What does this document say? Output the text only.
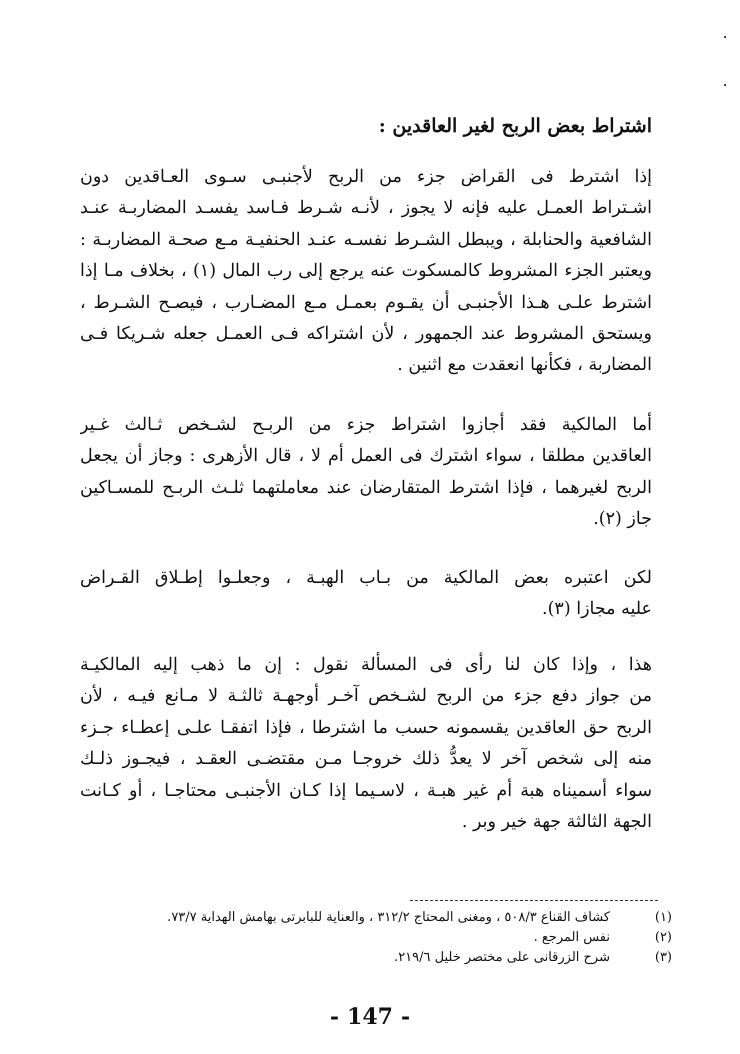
اشتراط بعض الربح لغير العاقدين :
إذا اشترط فى القراض جزء من الربح لأجنبـى سـوى العـاقدين دون
اشـتراط العمـل عليه فإنه لا يجوز ، لأنـه شـرط فـاسد يفسـد المضاربـة عنـد
الشافعية والحنابلة ، ويبطل الشـرط نفسـه عنـد الحنفيـة مـع صحـة المضاربـة :
ويعتبر الجزء المشروط كالمسكوت عنه يرجع إلى رب المال (١) ، بخلاف مـا إذا
اشترط علـى هـذا الأجنبـى أن يقـوم بعمـل مـع المضـارب ، فيصـح الشـرط ،
ويستحق المشروط عند الجمهور ، لأن اشتراكه فـى العمـل جعله شـريكا فـى
المضاربة ، فكأنها انعقدت مع اثنين .
أما المالكية فقد أجازوا اشتراط جزء من الربـح لشـخص ثـالث غـير
العاقدين مطلقا ، سواء اشترك فى العمل أم لا ، قال الأزهرى : وجاز أن يجعل
الربح لغيرهما ، فإذا اشترط المتقارضان عند معاملتهما ثلـث الربـح للمسـاكين
جاز (٢).
لكن اعتبره بعض المالكية من بـاب الهبـة ، وجعلـوا إطـلاق القـراض
عليه مجازا (٣).
هذا ، وإذا كان لنا رأى فى المسألة نقول : إن ما ذهب إليه المالكيـة
من جواز دفع جزء من الربح لشـخص آخـر أوجهـة ثالثـة لا مـانع فيـه ، لأن
الربح حق العاقدين يقسمونه حسب ما اشترطا ، فإذا اتفقـا علـى إعطـاء جـزء
منه إلى شخص آخر لا يعدُّ ذلك خروجـا مـن مقتضـى العقـد ، فيجـوز ذلـك
سواء أسميناه هبة أم غير هبـة ، لاسـيما إذا كـان الأجنبـى محتاجـا ، أو كـانت
الجهة الثالثة جهة خير وبر .
(١)
كشاف القناع ٥٠٨/٣ ، ومغنى المحتاج ٣١٢/٢ ، والعناية للبابرتى بهامش الهداية ٧٣/٧.
(٢)
نفس المرجع .
(٣)
شرح الزرقانى على مختصر خليل ٢١٩/٦.
- 147 -
